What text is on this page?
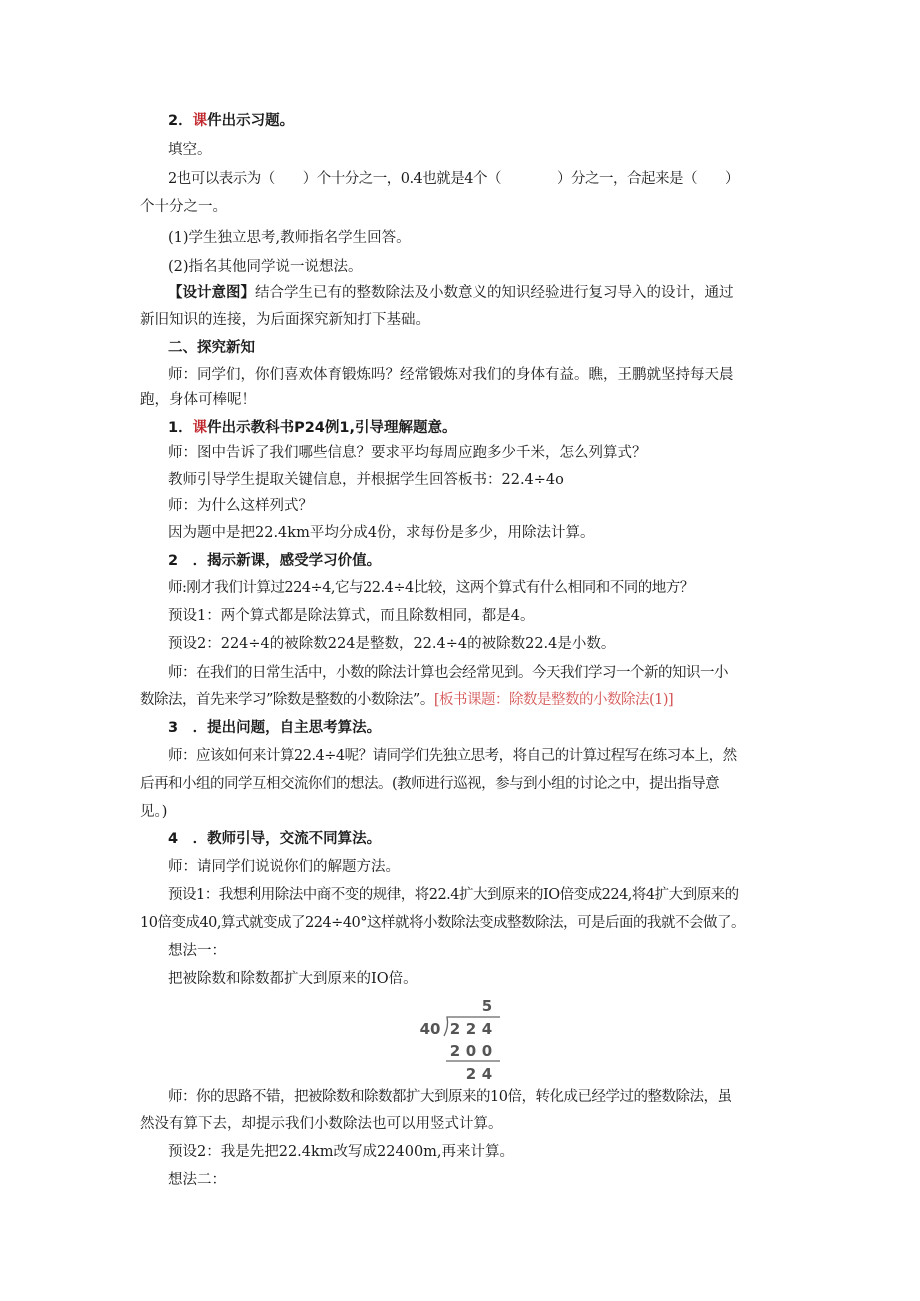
2．课件出示习题。
填空。
2也可以表示为（　　）个十分之一，0.4也就是4个（　　　　）分之一，合起来是（　　）
个十分之一。
(1)学生独立思考,教师指名学生回答。
(2)指名其他同学说一说想法。
【设计意图】结合学生已有的整数除法及小数意义的知识经验进行复习导入的设计，通过
新旧知识的连接，为后面探究新知打下基础。
二、探究新知
师：同学们，你们喜欢体育锻炼吗？经常锻炼对我们的身体有益。瞧，王鹏就坚持每天晨
跑，身体可棒呢！
1．课件出示教科书P24例1,引导理解题意。
师：图中告诉了我们哪些信息？要求平均每周应跑多少千米，怎么列算式？
教师引导学生提取关键信息，并根据学生回答板书：22.4÷4o
师：为什么这样列式？
因为题中是把22.4km平均分成4份，求每份是多少，用除法计算。
2　．揭示新课，感受学习价值。
师:刚才我们计算过224÷4,它与22.4÷4比较，这两个算式有什么相同和不同的地方？
预设1：两个算式都是除法算式，而且除数相同，都是4。
预设2：224÷4的被除数224是整数，22.4÷4的被除数22.4是小数。
师：在我们的日常生活中，小数的除法计算也会经常见到。今天我们学习一个新的知识一小
数除法，首先来学习”除数是整数的小数除法”。[板书课题：除数是整数的小数除法(1)]
3　．提出问题，自主思考算法。
师：应该如何来计算22.4÷4呢？请同学们先独立思考，将自己的计算过程写在练习本上，然
后再和小组的同学互相交流你们的想法。(教师进行巡视，参与到小组的讨论之中，提出指导意
见。)
4　．教师引导，交流不同算法。
师：请同学们说说你们的解题方法。
预设1：我想利用除法中商不变的规律，将22.4扩大到原来的IO倍变成224,将4扩大到原来的
10倍变成40,算式就变成了224÷40°这样就将小数除法变成整数除法，可是后面的我就不会做了。
想法一：
把被除数和除数都扩大到原来的IO倍。
5
40 2 2 4
2 0 0
2 4
师：你的思路不错，把被除数和除数都扩大到原来的10倍，转化成已经学过的整数除法，虽
然没有算下去，却提示我们小数除法也可以用竖式计算。
预设2：我是先把22.4km改写成22400m,再来计算。
想法二：
